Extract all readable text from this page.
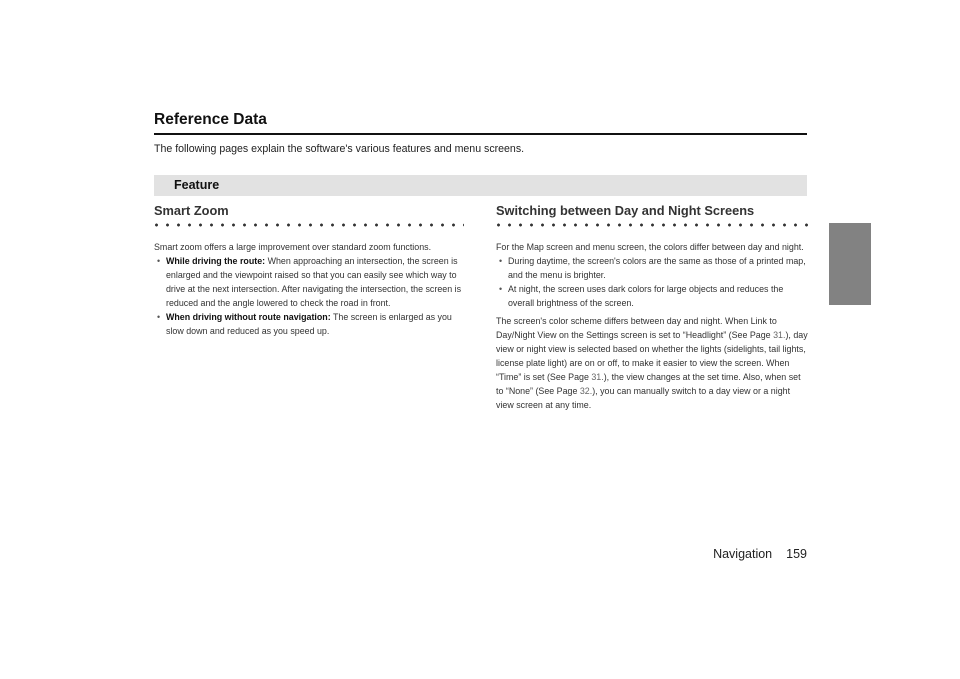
Reference Data

The following pages explain the software's various features and menu screens.

Feature
Smart Zoom

Smart zoom offers a large improvement over standard zoom functions.

• While driving the route: When approaching an intersection, the screen is enlarged and the viewpoint raised so that you can easily see which way to drive at the next intersection. After navigating the intersection, the screen is reduced and the angle lowered to check the road in front.
• When driving without route navigation: The screen is enlarged as you slow down and reduced as you speed up.
Switching between Day and Night Screens

For the Map screen and menu screen, the colors differ between day and night.

• During daytime, the screen's colors are the same as those of a printed map, and the menu is brighter.
• At night, the screen uses dark colors for large objects and reduces the overall brightness of the screen.

The screen's color scheme differs between day and night. When Link to Day/Night View on the Settings screen is set to “Headlight” (See Page 31.), day view or night view is selected based on whether the lights (sidelights, tail lights, license plate light) are on or off, to make it easier to view the screen. When “Time” is set (See Page 31.), the view changes at the set time. Also, when set to “None” (See Page 32.), you can manually switch to a day view or a night view screen at any time.

Navigation 159
